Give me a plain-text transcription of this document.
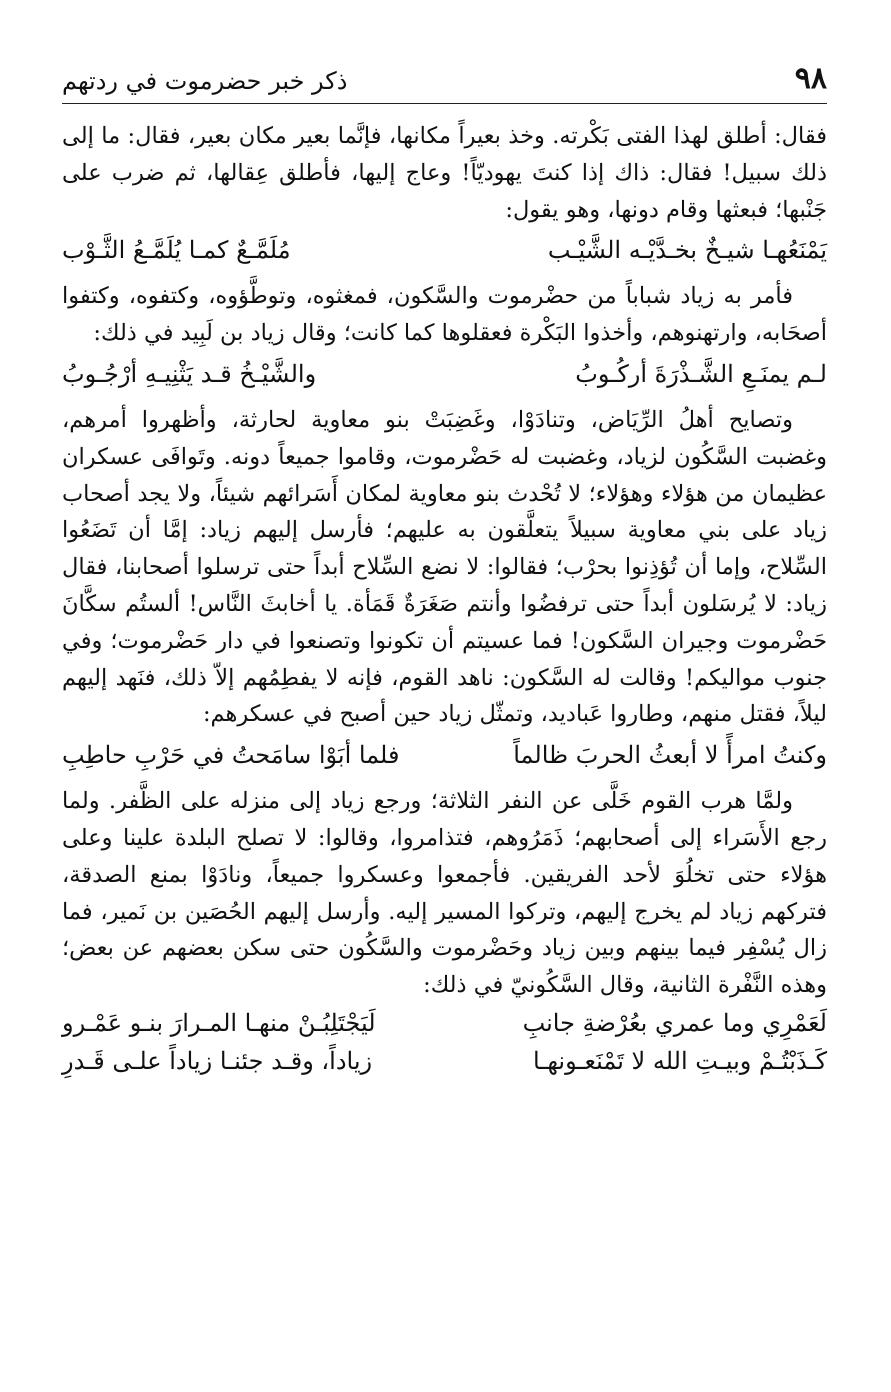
٩٨
ذكر خبر حضرموت في ردتهم

فقال: أطلق لهذا الفتى بَكْرته. وخذ بعيراً مكانها، فإنَّما بعير مكان بعير، فقال: ما إلى ذلك سبيل! فقال: ذاك إذا كنتَ يهوديّاً! وعاج إليها، فأطلق عِقالها، ثم ضرب على جَنْبها؛ فبعثها وقام دونها، وهو يقول:

يَمْنَعُهـا شيـخٌ بخـدَّيْـه الشَّيْـب
مُلَمَّـعٌ كمـا يُلَمَّـعُ الثَّـوْب

فأمر به زياد شباباً من حضْرموت والسَّكون، فمغثوه، وتوطَّؤوه، وكتفوه، وكتفوا أصحَابه، وارتهنوهم، وأخذوا البَكْرة فعقلوها كما كانت؛ وقال زياد بن لَبِيد في ذلك:

لـم يمنَـعِ الشَّـذْرَةَ أركُـوبُ
والشَّيْـخُ قـد يَثْنِيـهِ أرْجُـوبُ

وتصايح أهلُ الرِّيَاض، وتنادَوْا، وغَضِبَتْ بنو معاوية لحارثة، وأظهروا أمرهم، وغضبت السَّكُون لزياد، وغضبت له حَضْرموت، وقاموا جميعاً دونه. وتَوافَى عسكران عظيمان من هؤلاء وهؤلاء؛ لا تُحْدث بنو معاوية لمكان أَسَرائهم شيئاً، ولا يجد أصحاب زياد على بني معاوية سبيلاً يتعلَّقون به عليهم؛ فأرسل إليهم زياد: إمَّا أن تَضَعُوا السِّلاح، وإما أن تُؤذِنوا بحرْب؛ فقالوا: لا نضع السِّلاح أبداً حتى ترسلوا أصحابنا، فقال زياد: لا يُرسَلون أبداً حتى ترفضُوا وأنتم صَغَرَةٌ قَمَأة. يا أخابثَ النَّاس! ألستُم سكَّانَ حَضْرموت وجيران السَّكون! فما عسيتم أن تكونوا وتصنعوا في دار حَضْرموت؛ وفي جنوب مواليكم! وقالت له السَّكون: ناهد القوم، فإنه لا يفطِمُهم إلاّ ذلك، فنَهد إليهم ليلاً، فقتل منهم، وطاروا عَباديد، وتمثّل زياد حين أصبح في عسكرهم:

وكنتُ امرأً لا أبعثُ الحربَ ظالماً
فلما أبَوْا سامَحتُ في حَرْبِ حاطِبِ

ولمَّا هرب القوم خَلَّى عن النفر الثلاثة؛ ورجع زياد إلى منزله على الظَّفر. ولما رجع الأَسَراء إلى أصحابهم؛ ذَمَرُوهم، فتذامروا، وقالوا: لا تصلح البلدة علينا وعلى هؤلاء حتى تخلُوَ لأحد الفريقين. فأجمعوا وعسكروا جميعاً، ونادَوْا بمنع الصدقة، فتركهم زياد لم يخرج إليهم، وتركوا المسير إليه. وأرسل إليهم الحُصَين بن نَمير، فما زال يُسْفِر فيما بينهم وبين زياد وحَضْرموت والسَّكُون حتى سكن بعضهم عن بعض؛ وهذه النَّفْرة الثانية، وقال السَّكُونيّ في ذلك:

لَعَمْرِي وما عمري بعُرْضةِ جانبِ
لَيَجْتَلِبُـنْ منهـا المـرارَ بنـو عَمْـرو
كَـذَبْتُـمْ وبيـتِ الله لا تَمْنَعـونهـا
زياداً، وقـد جئنـا زياداً علـى قَـدرِ
